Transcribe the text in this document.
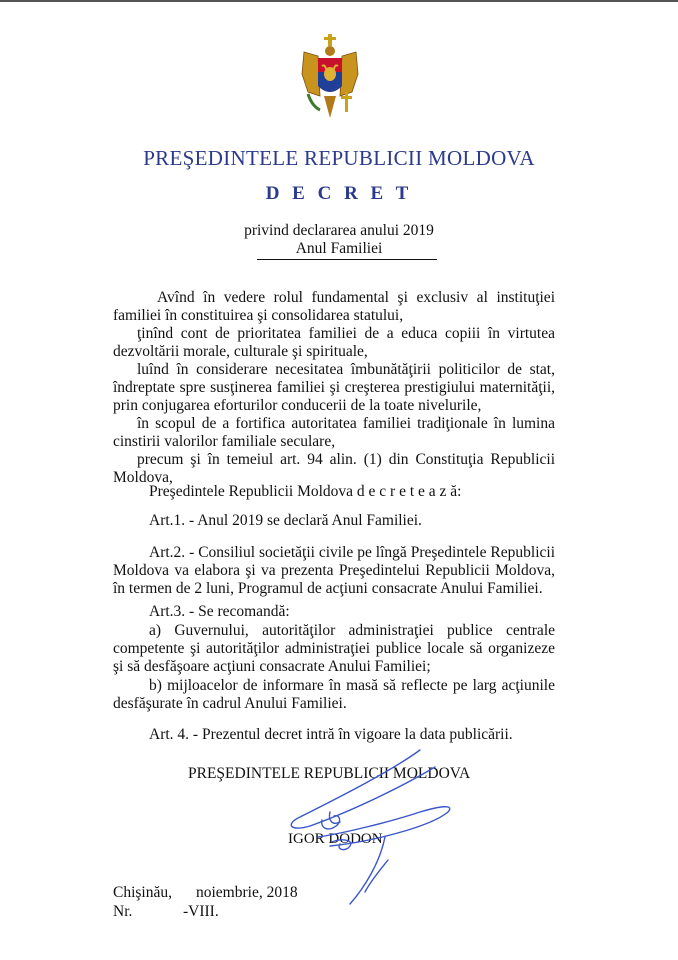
PREŞEDINTELE REPUBLICII MOLDOVA
D E C R E T
privind declararea anului 2019
Anul Familiei
Avînd în vedere rolul fundamental şi exclusiv al instituţiei familiei în constituirea şi consolidarea statului,
ţinînd cont de prioritatea familiei de a educa copiii în virtutea dezvoltării morale, culturale şi spirituale,
luînd în considerare necesitatea îmbunătăţirii politicilor de stat, îndreptate spre susţinerea familiei şi creşterea prestigiului maternităţii, prin conjugarea eforturilor conducerii de la toate nivelurile,
în scopul de a fortifica autoritatea familiei tradiţionale în lumina cinstirii valorilor familiale seculare,
precum şi în temeiul art. 94 alin. (1) din Constituţia Republicii Moldova,
Preşedintele Republicii Moldova d e c r e t e a z ă:
Art.1. - Anul 2019 se declară Anul Familiei.
Art.2. - Consiliul societăţii civile pe lîngă Preşedintele Republicii Moldova va elabora şi va prezenta Preşedintelui Republicii Moldova, în termen de 2 luni, Programul de acţiuni consacrate Anului Familiei.
Art.3. - Se recomandă:
a) Guvernului, autorităţilor administraţiei publice centrale competente şi autorităţilor administraţiei publice locale să organizeze şi să desfăşoare acţiuni consacrate Anului Familiei;
b) mijloacelor de informare în masă să reflecte pe larg acţiunile desfăşurate în cadrul Anului Familiei.
Art. 4. - Prezentul decret intră în vigoare la data publicării.
PREŞEDINTELE REPUBLICII MOLDOVA
IGOR DODON
Chişinău, noiembrie, 2018
Nr.	-VIII.
